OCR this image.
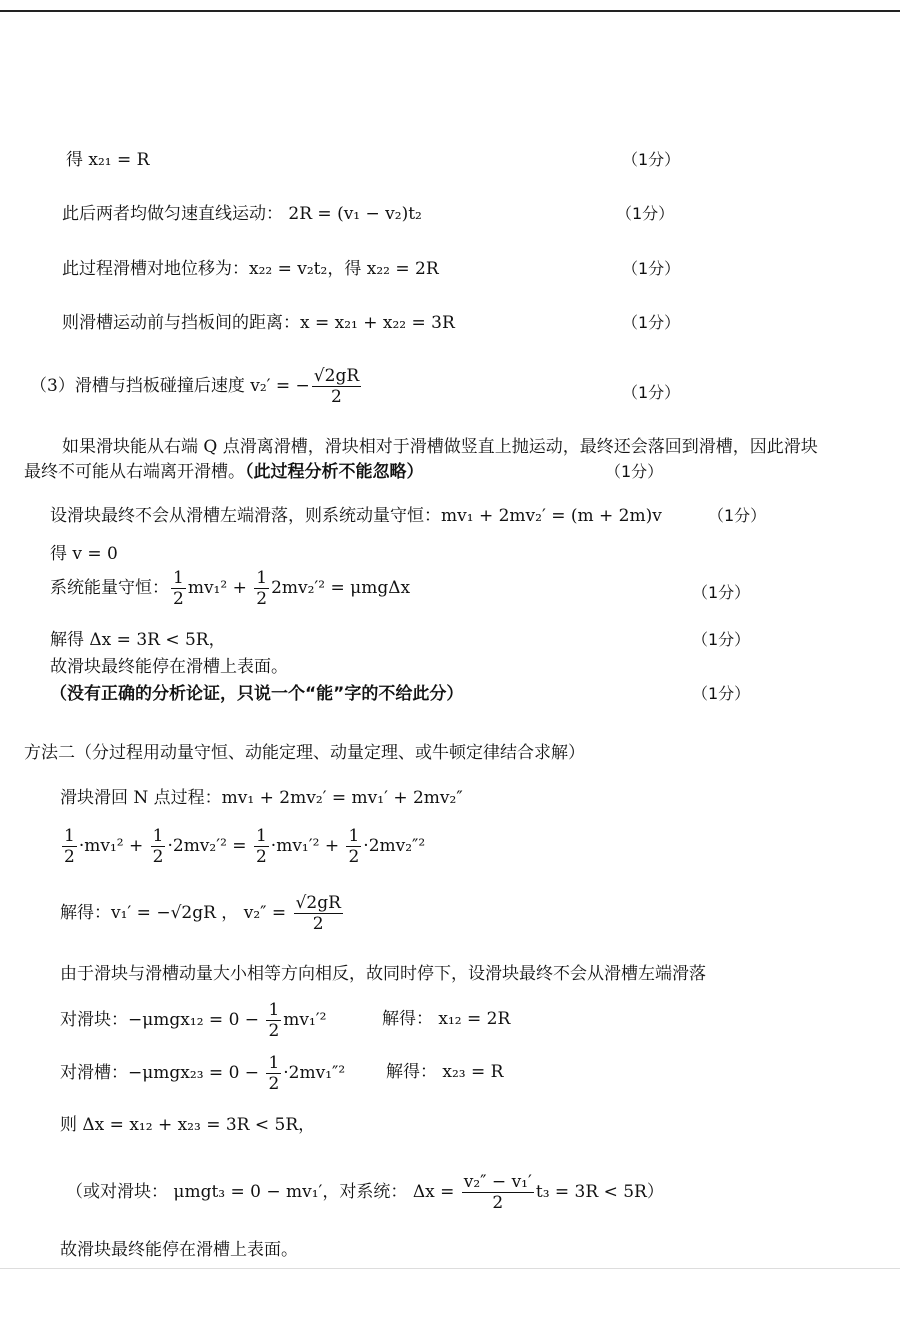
得 x₂₁ = R	（1分）
此后两者均做匀速直线运动： 2R = (v₁ − v₂)t₂	（1分）
此过程滑槽对地位移为：x₂₂ = v₂t₂，得 x₂₂ = 2R	（1分）
则滑槽运动前与挡板间的距离：x = x₂₁ + x₂₂ = 3R	（1分）
（3）滑槽与挡板碰撞后速度 v₂′ = − $\frac{√2gR}{2}$	（1分）
如果滑块能从右端 Q 点滑离滑槽，滑块相对于滑槽做竖直上抛运动，最终还会落回到滑槽，因此滑块
最终不可能从右端离开滑槽。（此过程分析不能忽略）	（1分）
设滑块最终不会从滑槽左端滑落，则系统动量守恒：mv₁ + 2mv₂′ = (m + 2m)v	（1分）
得 v = 0
系统能量守恒： $\frac{1}{2} mv_1^2 + \frac{1}{2} 2mv_2'^2 = \mu mg\Delta x$	（1分）
解得 Δx = 3R < 5R，	（1分）
故滑块最终能停在滑槽上表面。
（没有正确的分析论证，只说一个“能”字的不给此分）	（1分）
方法二（分过程用动量守恒、动能定理、动量定理、或牛顿定律结合求解）
滑块滑回 N 点过程：mv₁ + 2mv₂′ = mv₁′ + 2mv₂″
$\frac{1}{2} \cdot mv_1^2 + \frac{1}{2} \cdot 2mv_2'^2 = \frac{1}{2} \cdot mv_1'^2 + \frac{1}{2} \cdot 2mv_2''^2$
解得：v₁′ = −√2gR ， $v_2'' = \frac{√2gR}{2}$
由于滑块与滑槽动量大小相等方向相反，故同时停下，设滑块最终不会从滑槽左端滑落
对滑块：$-\mu mgx_{12} = 0 - \frac{1}{2} mv_1'^2$	解得： x₁₂ = 2R
对滑槽：$-\mu mgx_{23} = 0 - \frac{1}{2} \cdot 2mv_1''^2$ 解得： x₂₃ = R
则 Δx = x₁₂ + x₂₃ = 3R < 5R，
（或对滑块： μmgt₃ = 0 − mv₁′，对系统： $\Delta x = \frac{\text{v₂″ − v₁′}}{2} t_3 = 3R < 5R$）
故滑块最终能停在滑槽上表面。
